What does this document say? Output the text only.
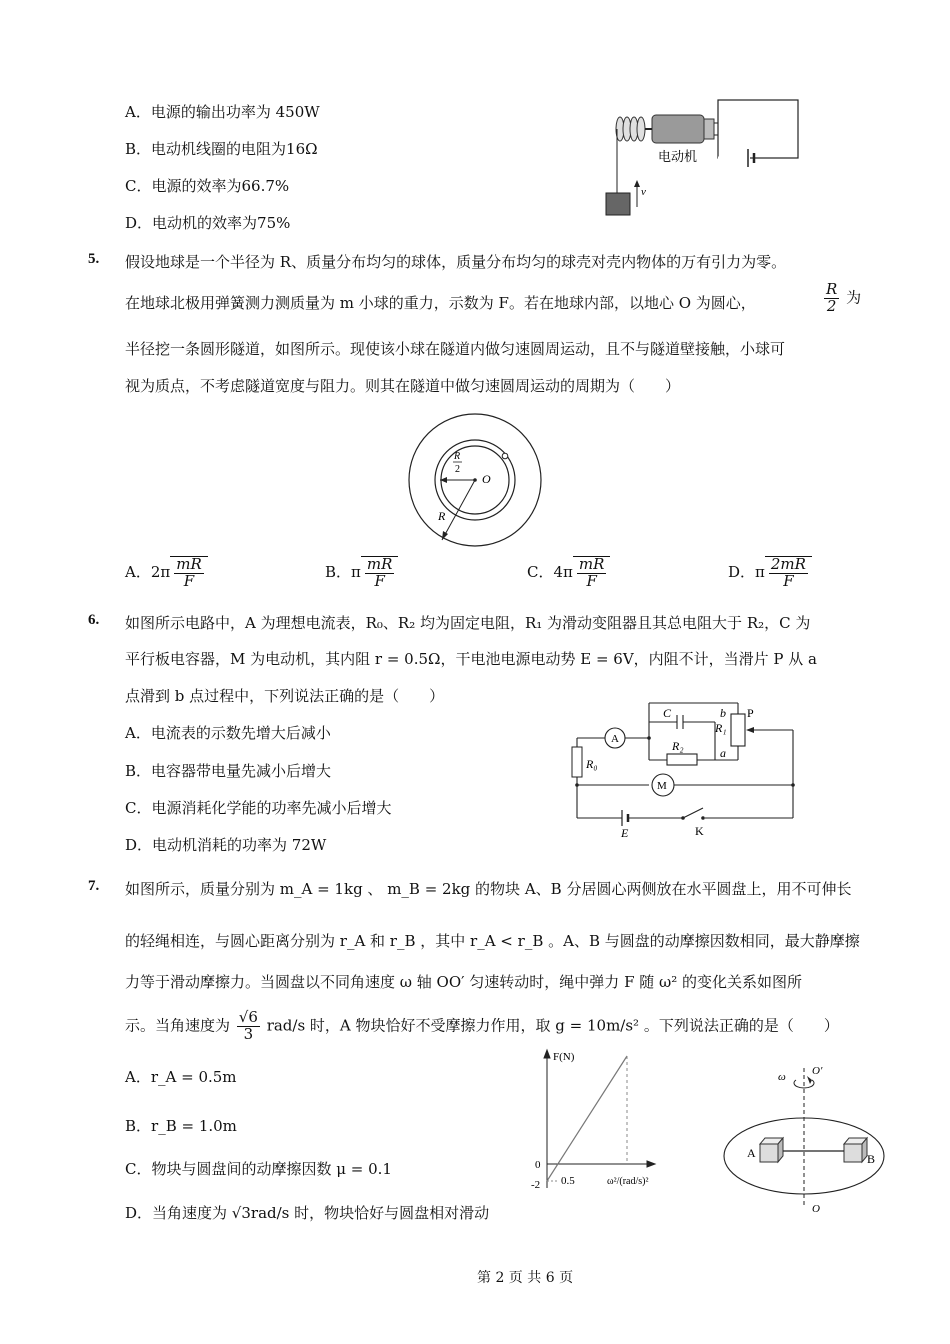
A．电源的输出功率为 450W
B．电动机线圈的电阻为16Ω
C．电源的效率为66.7%
D．电动机的效率为75%
v
电动机
5. 假设地球是一个半径为 R、质量分布均匀的球体，质量分布均匀的球壳对壳内物体的万有引力为零。
在地球北极用弹簧测力测质量为 m 小球的重力，示数为 F。若在地球内部，以地心 O 为圆心，	$\frac{R}{2}$ 为
半径挖一条圆形隧道，如图所示。现使该小球在隧道内做匀速圆周运动，且不与隧道壁接触，小球可
视为质点，不考虑隧道宽度与阻力。则其在隧道中做匀速圆周运动的周期为（　　）
O
R
2
R
A．$2\pi \frac{mR}{F}$	B．π $\frac{mR}{F}$	C．$4\pi \frac{mR}{F}$	D．π $\frac{2mR}{F}$
6. 如图所示电路中，A 为理想电流表，R₀、R₂ 均为固定电阻，R₁ 为滑动变阻器且其总电阻大于 R₂，C 为
平行板电容器，M 为电动机，其内阻 r = 0.5Ω，干电池电源电动势 E = 6V，内阻不计，当滑片 P 从 a
点滑到 b 点过程中，下列说法正确的是（　　）
A．电流表的示数先增大后减小
B．电容器带电量先减小后增大
C．电源消耗化学能的功率先减小后增大
D．电动机消耗的功率为 72W
A
M
C
R₂
b P
R₁
a
R₀
E	K
7. 如图所示，质量分别为 m_A = 1kg 、 m_B = 2kg 的物块 A、B 分居圆心两侧放在水平圆盘上，用不可伸长
的轻绳相连，与圆心距离分别为 r_A 和 r_B ，其中 r_A < r_B 。A、B 与圆盘的动摩擦因数相同，最大静摩擦
力等于滑动摩擦力。当圆盘以不同角速度 ω 轴 OO′ 匀速转动时，绳中弹力 F 随 ω² 的变化关系如图所
示。当角速度为 $\frac{√6}{3} rad/s$ 时，A 物块恰好不受摩擦力作用，取 g = 10m/s² 。下列说法正确的是（　　）
A．r_A = 0.5m
B．r_B = 1.0m
C．物块与圆盘间的动摩擦因数 μ = 0.1
D．当角速度为 √3rad/s 时，物块恰好与圆盘相对滑动
F(N)
ω²/(rad/s)²
0
0.5
-2
ω O′
O
A	B
第 2 页 共 6 页
